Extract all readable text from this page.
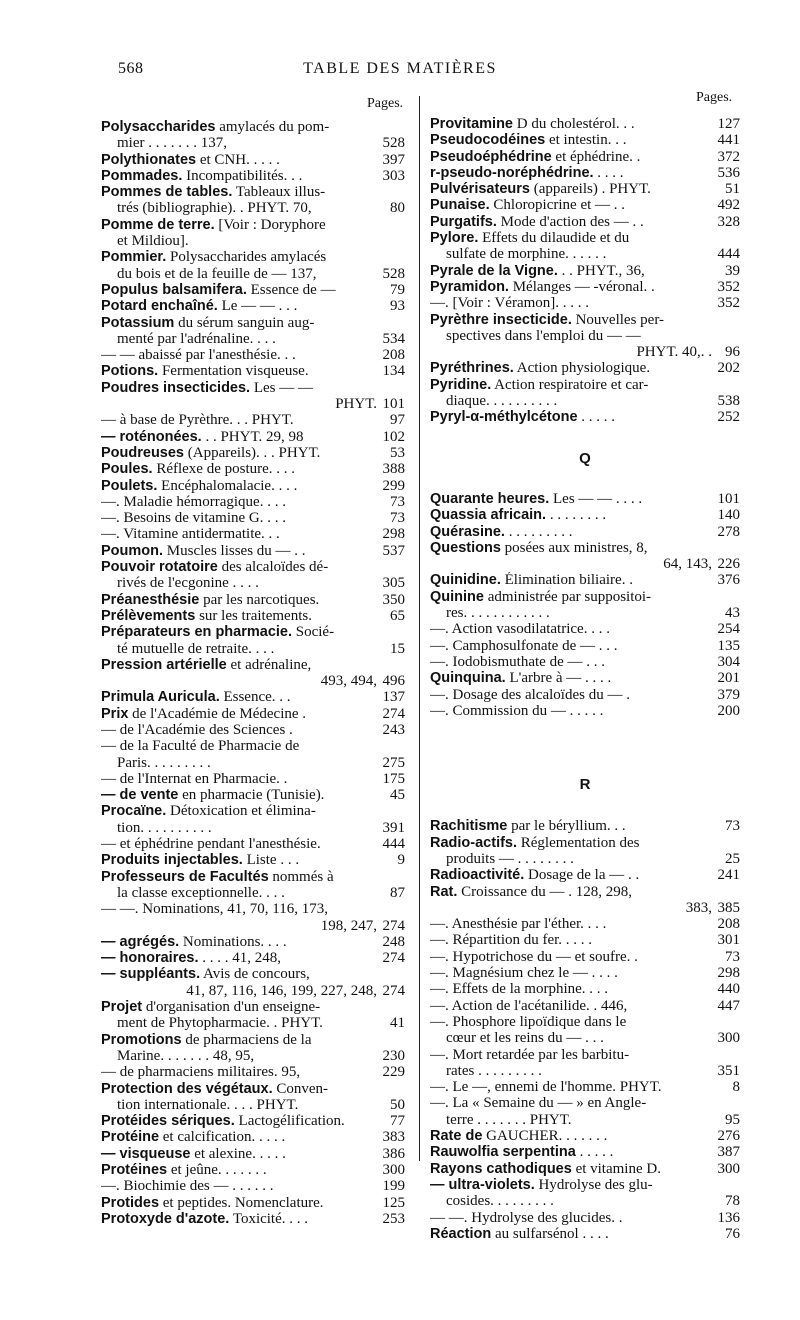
568	TABLE DES MATIÈRES
Pages.	Pages.
Polysaccharides amylacés du pom-
mier . . . . . . . 137,	528
Polythionates et CNH. . . . .	397
Pommades. Incompatibilités. . .	303
Pommes de tables. Tableaux illus-
trés (bibliographie). . PHYT. 70,	80
Pomme de terre. [Voir : Doryphore
et Mildiou].
Pommier. Polysaccharides amylacés
du bois et de la feuille de — 137,	528
Populus balsamifera. Essence de —	79
Potard enchaîné. Le — — . . .	93
Potassium du sérum sanguin aug-
menté par l'adrénaline. . . .	534
— — abaissé par l'anesthésie. . .	208
Potions. Fermentation visqueuse.	134
Poudres insecticides. Les — —
PHYT. 101
— à base de Pyrèthre. . . PHYT.	97
— roténonées. . . PHYT. 29, 98	102
Poudreuses (Appareils). . . PHYT.	53
Poules. Réflexe de posture. . . .	388
Poulets. Encéphalomalacie. . . .	299
—. Maladie hémorragique. . . .	73
—. Besoins de vitamine G. . . .	73
—. Vitamine antidermatite. . .	298
Poumon. Muscles lisses du — . .	537
Pouvoir rotatoire des alcaloïdes dé-
rivés de l'ecgonine . . . .	305
Préanesthésie par les narcotiques.	350
Prélèvements sur les traitements.	65
Préparateurs en pharmacie. Socié-
té mutuelle de retraite. . . .	15
Pression artérielle et adrénaline,
493, 494, 496
Primula Auricula. Essence. . .	137
Prix de l'Académie de Médecine .	274
— de l'Académie des Sciences .	243
— de la Faculté de Pharmacie de
Paris. . . . . . . . .	275
— de l'Internat en Pharmacie. .	175
— de vente en pharmacie (Tunisie).	45
Procaïne. Détoxication et élimina-
tion. . . . . . . . . .	391
— et éphédrine pendant l'anesthésie.	444
Produits injectables. Liste . . .	9
Professeurs de Facultés nommés à
la classe exceptionnelle. . . .	87
— —. Nominations, 41, 70, 116, 173,
198, 247, 274
— agrégés. Nominations. . . .	248
— honoraires. . . . . 41, 248,	274
— suppléants. Avis de concours,
41, 87, 116, 146, 199, 227, 248, 274
Projet d'organisation d'un enseigne-
ment de Phytopharmacie. . PHYT.	41
Promotions de pharmaciens de la
Marine. . . . . . . 48, 95,	230
— de pharmaciens militaires. 95,	229
Protection des végétaux. Conven-
tion internationale. . . . PHYT.	50
Protéides sériques. Lactogélification.	77
Protéine et calcification. . . . .	383
— visqueuse et alexine. . . . .	386
Protéines et jeûne. . . . . . .	300
—. Biochimie des — . . . . . .	199
Protides et peptides. Nomenclature.	125
Protoxyde d'azote. Toxicité. . . .	253
Provitamine D du cholestérol. . .	127
Pseudocodéines et intestin. . .	441
Pseudoéphédrine et éphédrine. .	372
r-pseudo-noréphédrine. . . . .	536
Pulvérisateurs (appareils) . PHYT.	51
Punaise. Chloropicrine et — . .	492
Purgatifs. Mode d'action des — . .	328
Pylore. Effets du dilaudide et du
sulfate de morphine. . . . . .	444
Pyrale de la Vigne. . . PHYT., 36,	39
Pyramidon. Mélanges — -véronal. .	352
—. [Voir : Véramon]. . . . .	352
Pyrèthre insecticide. Nouvelles per-
spectives dans l'emploi du — —
PHYT. 40,. . 96
Pyréthrines. Action physiologique.	202
Pyridine. Action respiratoire et car-
diaque. . . . . . . . . .	538
Pyryl-α-méthylcétone . . . . .	252
Q
Quarante heures. Les — — . . . .	101
Quassia africain. . . . . . . . .	140
Quérasine. . . . . . . . . .	278
Questions posées aux ministres, 8,
64, 143, 226
Quinidine. Élimination biliaire. .	376
Quinine administrée par suppositoi-
res. . . . . . . . . . . .	43
—. Action vasodilatatrice. . . .	254
—. Camphosulfonate de — . . .	135
—. Iodobismuthate de — . . .	304
Quinquina. L'arbre à — . . . .	201
—. Dosage des alcaloïdes du — .	379
—. Commission du — . . . . .	200
R
Rachitisme par le béryllium. . .	73
Radio-actifs. Réglementation des
produits — . . . . . . . .	25
Radioactivité. Dosage de la — . .	241
Rat. Croissance du — . 128, 298,
383, 385
—. Anesthésie par l'éther. . . .	208
—. Répartition du fer. . . . .	301
—. Hypotrichose du — et soufre. .	73
—. Magnésium chez le — . . . .	298
—. Effets de la morphine. . . .	440
—. Action de l'acétanilide. . 446,	447
—. Phosphore lipoïdique dans le
cœur et les reins du — . . .	300
—. Mort retardée par les barbitu-
rates . . . . . . . . .	351
—. Le —, ennemi de l'homme. PHYT.	8
—. La « Semaine du — » en Angle-
terre . . . . . . . PHYT.	95
Rate de GAUCHER. . . . . . .	276
Rauwolfia serpentina . . . . .	387
Rayons cathodiques et vitamine D.	300
— ultra-violets. Hydrolyse des glu-
cosides. . . . . . . . .	78
— —. Hydrolyse des glucides. .	136
Réaction au sulfarsénol . . . .	76
